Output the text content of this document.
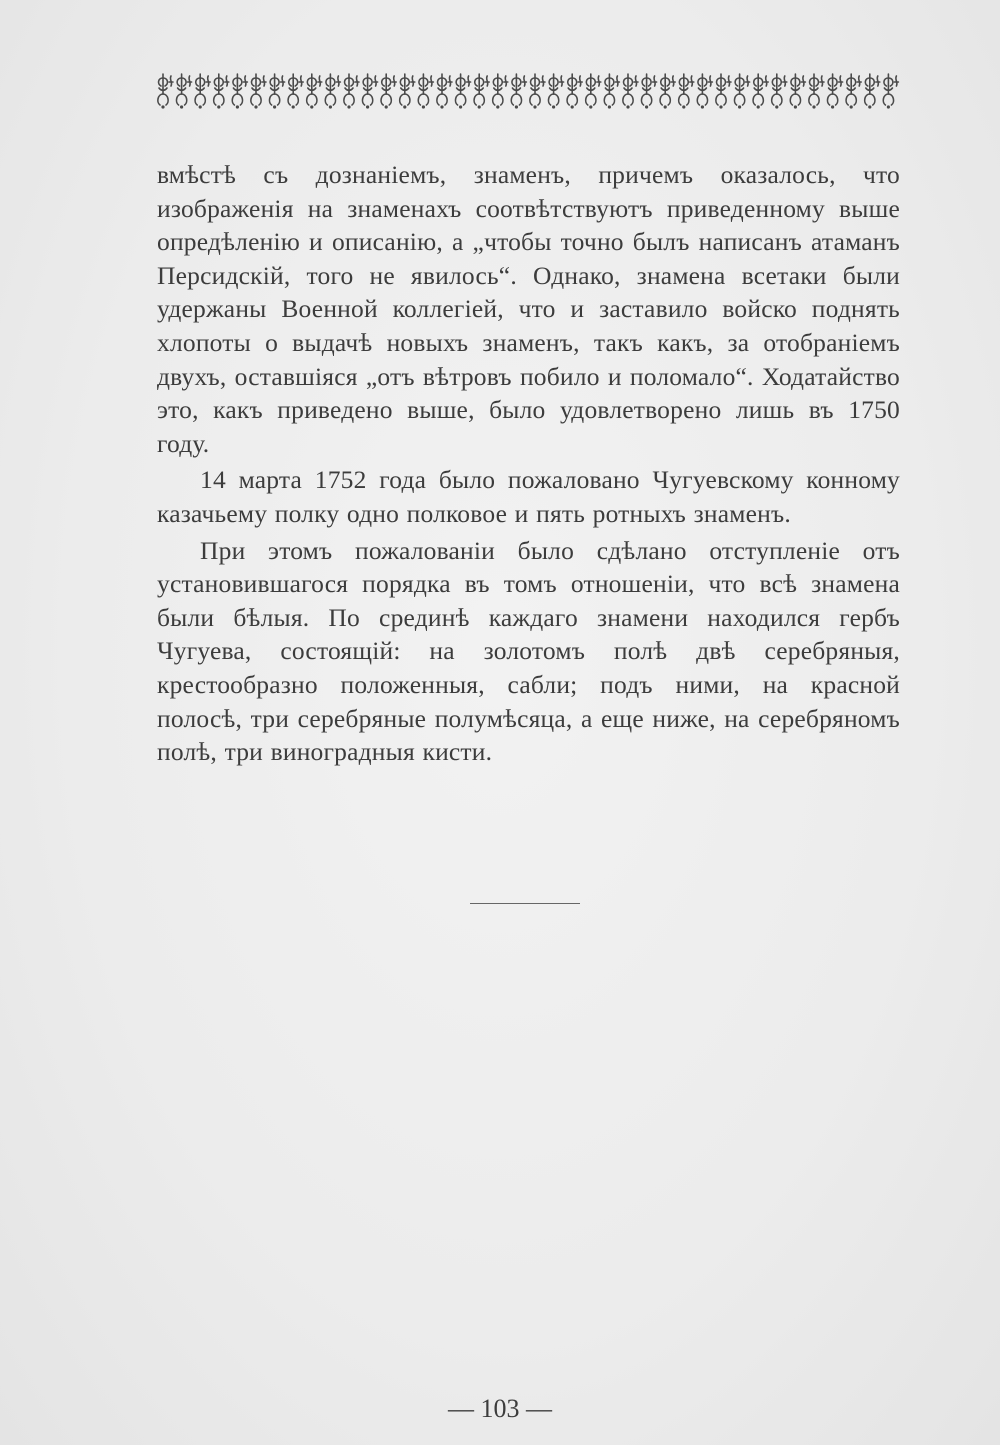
вмѣстѣ съ дознаніемъ, знаменъ, причемъ оказалось, что изображенія на знаменахъ соотвѣтствуютъ приведенному выше опредѣленію и описанію, а „чтобы точно былъ написанъ атаманъ Персидскій, того не явилось“. Однако, знамена всетаки были удержаны Военной коллегіей, что и заставило войско поднять хлопоты о выдачѣ новыхъ знаменъ, такъ какъ, за отобраніемъ двухъ, оставшіяся „отъ вѣтровъ побило и поломало“. Ходатайство это, какъ приведено выше, было удовлетворено лишь въ 1750 году.

14 марта 1752 года было пожаловано Чугуевскому конному казачьему полку одно полковое и пять ротныхъ знаменъ.

При этомъ пожалованіи было сдѣлано отступленіе отъ установившагося порядка въ томъ отношеніи, что всѣ знамена были бѣлыя. По срединѣ каждаго знамени находился гербъ Чугуева, состоящій: на золотомъ полѣ двѣ серебряныя, крестообразно положенныя, сабли; подъ ними, на красной полосѣ, три серебряные полумѣсяца, а еще ниже, на серебряномъ полѣ, три виноградныя кисти.

— 103 —
